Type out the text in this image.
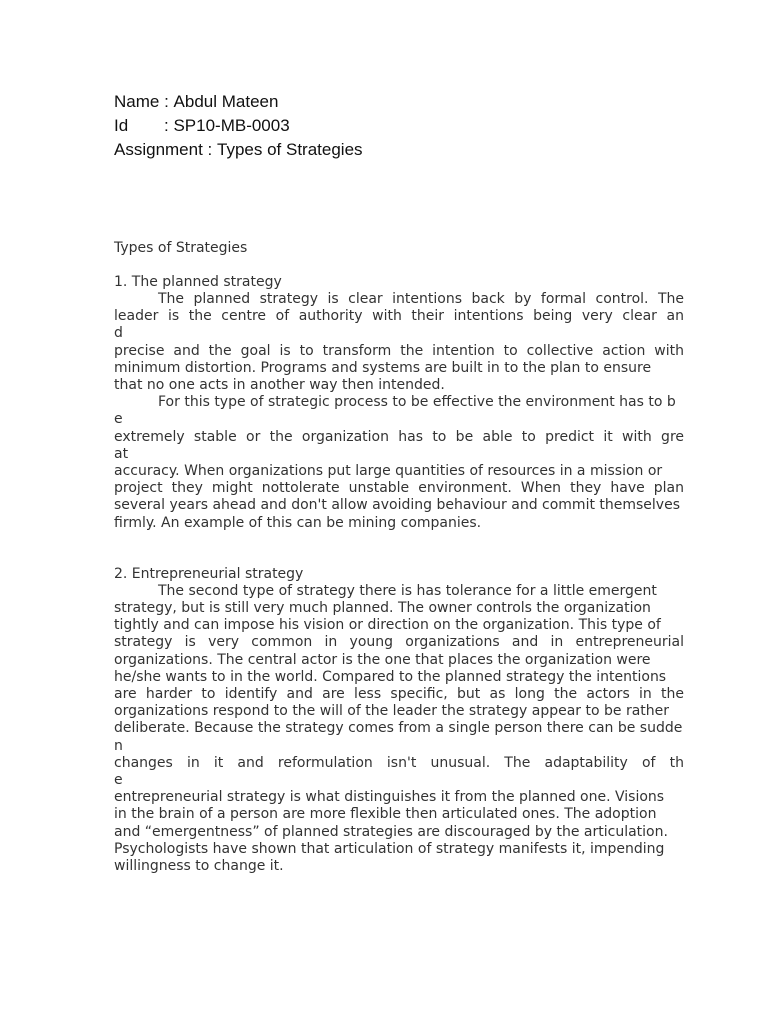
Name : Abdul Mateen
Id : SP10-MB-0003
Assignment : Types of Strategies

Types of Strategies

1. The planned strategy

The planned strategy is clear intentions back by formal control. The

leader is the centre of authority with their intentions being very clear an

d

precise and the goal is to transform the intention to collective action with

minimum distortion. Programs and systems are built in to the plan to ensure

that no one acts in another way then intended.

For this type of strategic process to be effective the environment has to b

e

extremely stable or the organization has to be able to predict it with gre

at

accuracy. When organizations put large quantities of resources in a mission or

project they might nottolerate unstable environment. When they have plan

several years ahead and don't allow avoiding behaviour and commit themselves

firmly. An example of this can be mining companies.

2. Entrepreneurial strategy

The second type of strategy there is has tolerance for a little emergent

strategy, but is still very much planned. The owner controls the organization

tightly and can impose his vision or direction on the organization. This type of

strategy is very common in young organizations and in entrepreneurial

organizations. The central actor is the one that places the organization were

he/she wants to in the world. Compared to the planned strategy the intentions

are harder to identify and are less specific, but as long the actors in the

organizations respond to the will of the leader the strategy appear to be rather

deliberate. Because the strategy comes from a single person there can be sudde

n

changes in it and reformulation isn't unusual. The adaptability of th

e

entrepreneurial strategy is what distinguishes it from the planned one. Visions

in the brain of a person are more flexible then articulated ones. The adoption

and “emergentness” of planned strategies are discouraged by the articulation.

Psychologists have shown that articulation of strategy manifests it, impending

willingness to change it.
